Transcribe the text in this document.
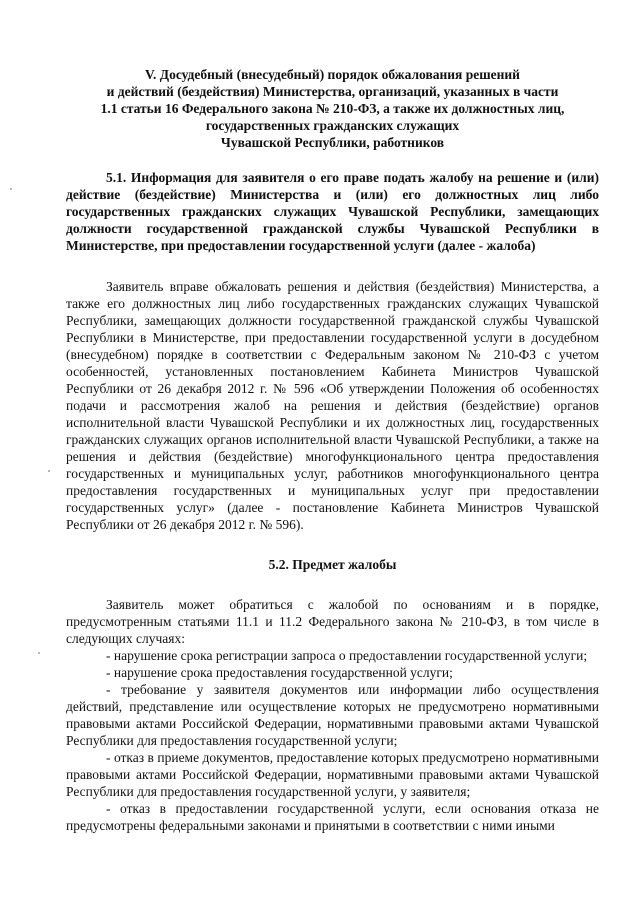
V. Досудебный (внесудебный) порядок обжалования решений
и действий (бездействия) Министерства, организаций, указанных в части
1.1 статьи 16 Федерального закона № 210-ФЗ, а также их должностных лиц,
государственных гражданских служащих
Чувашской Республики, работников

5.1. Информация для заявителя о его праве подать жалобу на решение и (или) действие (бездействие) Министерства и (или) его должностных лиц либо государственных гражданских служащих Чувашской Республики, замещающих должности государственной гражданской службы Чувашской Республики в Министерстве, при предоставлении государственной услуги (далее - жалоба)

Заявитель вправе обжаловать решения и действия (бездействия) Министерства, а также его должностных лиц либо государственных гражданских служащих Чувашской Республики, замещающих должности государственной гражданской службы Чувашской Республики в Министерстве, при предоставлении государственной услуги в досудебном (внесудебном) порядке в соответствии с Федеральным законом № 210-ФЗ с учетом особенностей, установленных постановлением Кабинета Министров Чувашской Республики от 26 декабря 2012 г. № 596 «Об утверждении Положения об особенностях подачи и рассмотрения жалоб на решения и действия (бездействие) органов исполнительной власти Чувашской Республики и их должностных лиц, государственных гражданских служащих органов исполнительной власти Чувашской Республики, а также на решения и действия (бездействие) многофункционального центра предоставления государственных и муниципальных услуг, работников многофункционального центра предоставления государственных и муниципальных услуг при предоставлении государственных услуг» (далее - постановление Кабинета Министров Чувашской Республики от 26 декабря 2012 г. № 596).

5.2. Предмет жалобы

Заявитель может обратиться с жалобой по основаниям и в порядке, предусмотренным статьями 11.1 и 11.2 Федерального закона № 210-ФЗ, в том числе в следующих случаях:

- нарушение срока регистрации запроса о предоставлении государственной услуги;

- нарушение срока предоставления государственной услуги;

- требование у заявителя документов или информации либо осуществления действий, представление или осуществление которых не предусмотрено нормативными правовыми актами Российской Федерации, нормативными правовыми актами Чувашской Республики для предоставления государственной услуги;

- отказ в приеме документов, предоставление которых предусмотрено нормативными правовыми актами Российской Федерации, нормативными правовыми актами Чувашской Республики для предоставления государственной услуги, у заявителя;

- отказ в предоставлении государственной услуги, если основания отказа не предусмотрены федеральными законами и принятыми в соответствии с ними иными
